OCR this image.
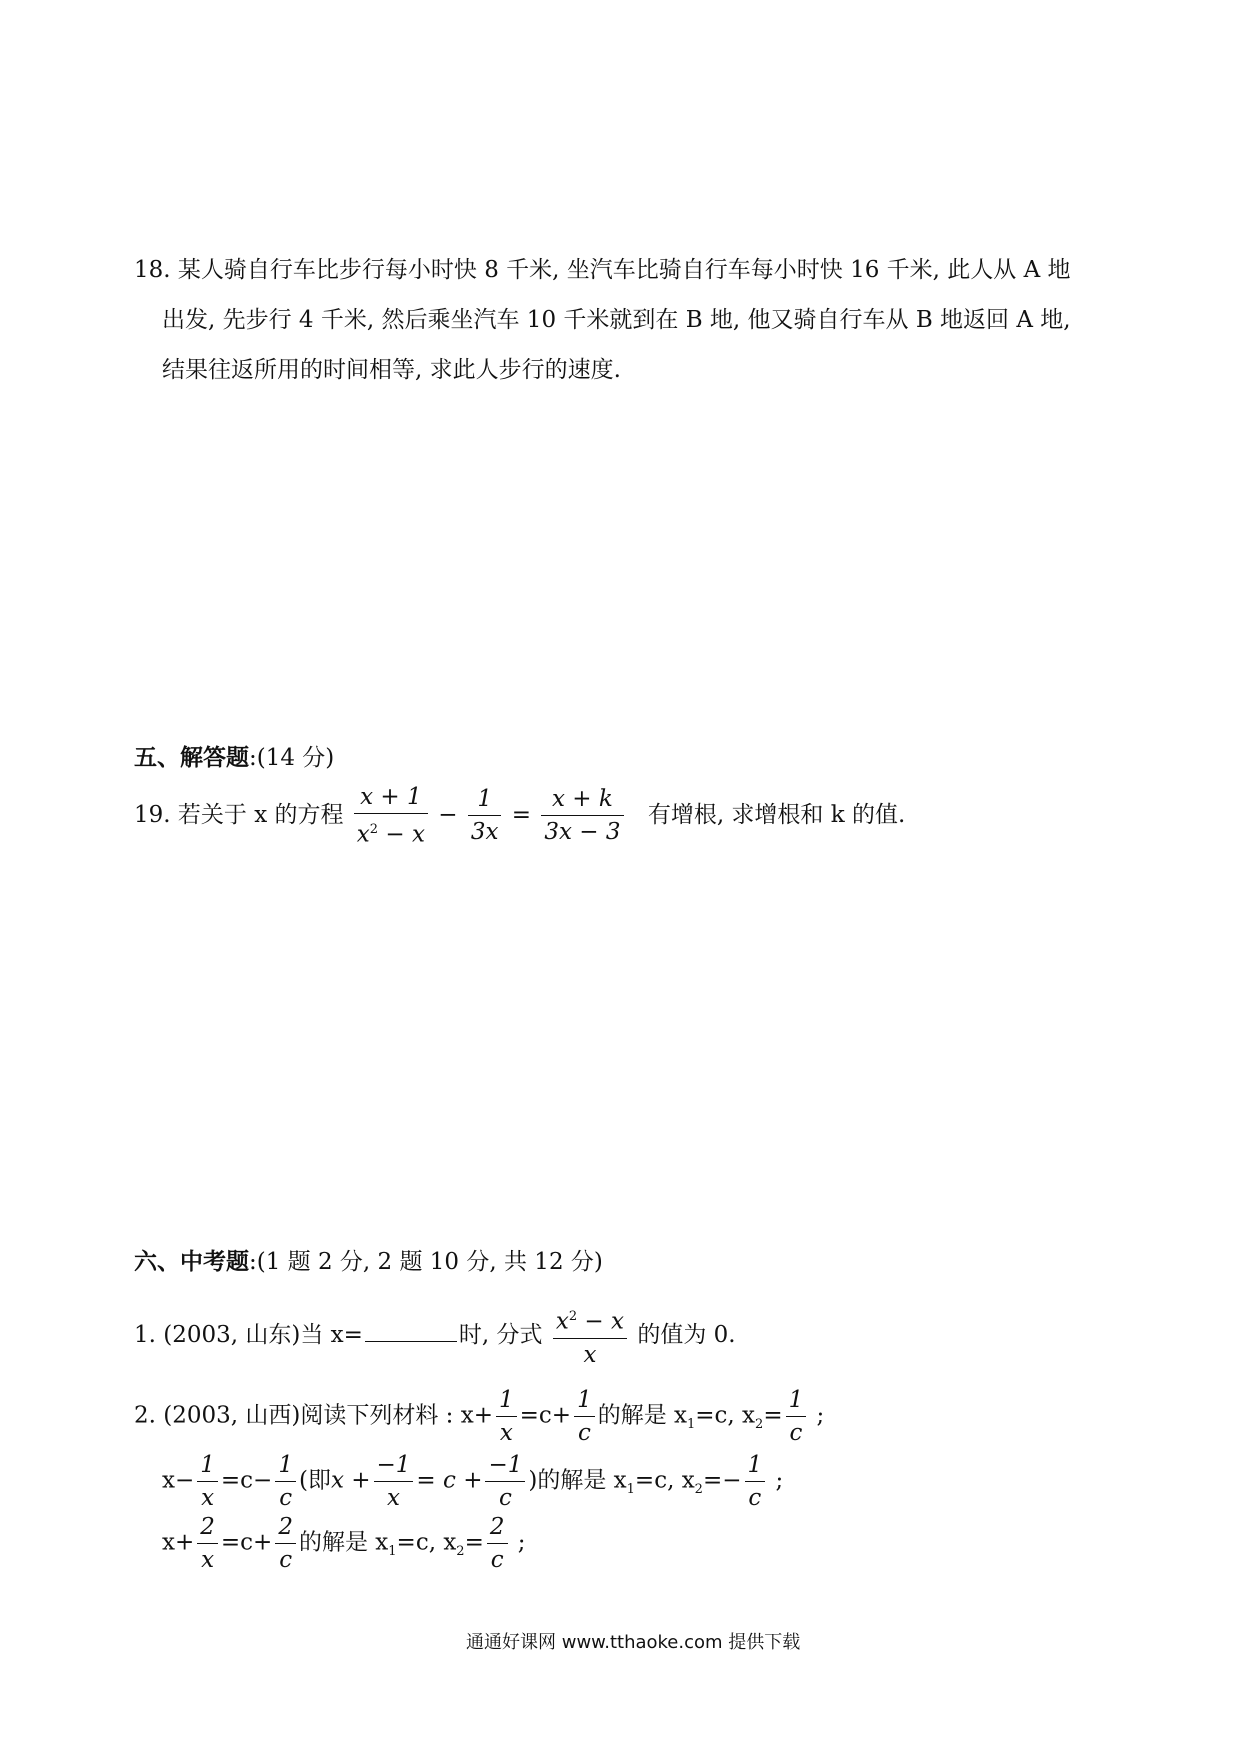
18. 某人骑自行车比步行每小时快 8 千米, 坐汽车比骑自行车每小时快 16 千米, 此人从 A 地
出发, 先步行 4 千米, 然后乘坐汽车 10 千米就到在 B 地, 他又骑自行车从 B 地返回 A 地,
结果往返所用的时间相等, 求此人步行的速度.
五、解答题:(14 分)
19. 若关于 x 的方程 $\frac{x + 1}{x^2 - x} - \frac{1}{3x} = \frac{x + k}{3x - 3}$ 有增根, 求增根和 k 的值.
六、中考题:(1 题 2 分, 2 题 10 分, 共 12 分)
1. (2003, 山东)当 x=	时, 分式 $\frac{x^2 - x}{x}$ 的值为 0.
2. (2003, 山西)阅读下列材料 : $x+ \frac{1}{x} =c+ \frac{1}{c}$ 的解是 $x_1=c$, $x_2= \frac{1}{c}$ ;
$x- \frac{1}{x} =c- \frac{1}{c}$ (即$x + \frac{-1}{x} = c + \frac{-1}{c}$ )的解是 $x_1=c$, $x_2=- \frac{1}{c}$ ;
$x+ \frac{2}{x} =c+ \frac{2}{c}$ 的解是 $x_1=c$, $x_2= \frac{2}{c}$ ;
通通好课网 www.tthaoke.com 提供下载
